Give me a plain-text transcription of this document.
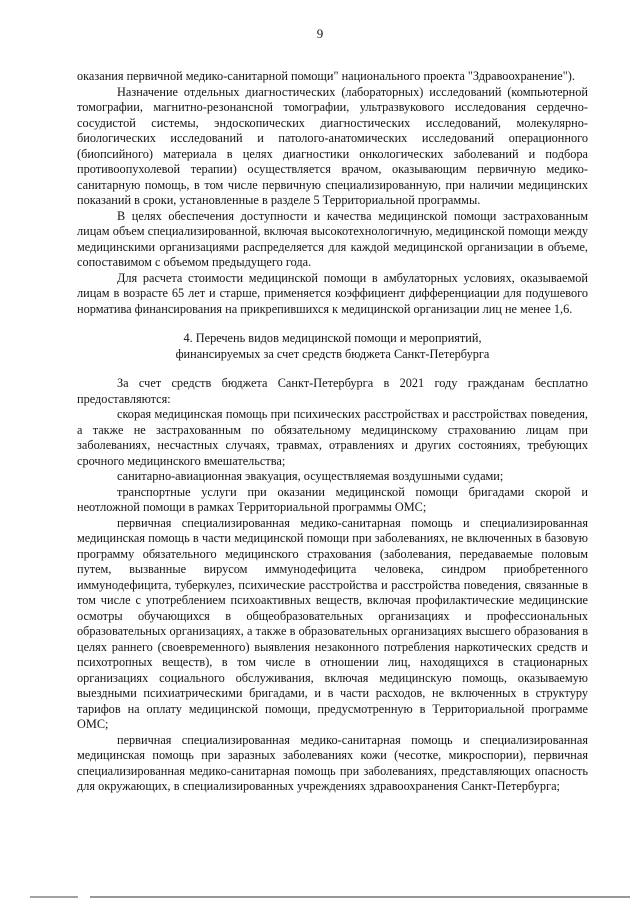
9

оказания первичной медико-санитарной помощи" национального проекта "Здравоохранение").

Назначение отдельных диагностических (лабораторных) исследований (компьютерной томографии, магнитно-резонансной томографии, ультразвукового исследования сердечно-сосудистой системы, эндоскопических диагностических исследований, молекулярно-биологических исследований и патолого-анатомических исследований операционного (биопсийного) материала в целях диагностики онкологических заболеваний и подбора противоопухолевой терапии) осуществляется врачом, оказывающим первичную медико-санитарную помощь, в том числе первичную специализированную, при наличии медицинских показаний в сроки, установленные в разделе 5 Территориальной программы.

В целях обеспечения доступности и качества медицинской помощи застрахованным лицам объем специализированной, включая высокотехнологичную, медицинской помощи между медицинскими организациями распределяется для каждой медицинской организации в объеме, сопоставимом с объемом предыдущего года.

Для расчета стоимости медицинской помощи в амбулаторных условиях, оказываемой лицам в возрасте 65 лет и старше, применяется коэффициент дифференциации для подушевого норматива финансирования на прикрепившихся к медицинской организации лиц не менее 1,6.

4. Перечень видов медицинской помощи и мероприятий,
финансируемых за счет средств бюджета Санкт-Петербурга

За счет средств бюджета Санкт-Петербурга в 2021 году гражданам бесплатно предоставляются:

скорая медицинская помощь при психических расстройствах и расстройствах поведения, а также не застрахованным по обязательному медицинскому страхованию лицам при заболеваниях, несчастных случаях, травмах, отравлениях и других состояниях, требующих срочного медицинского вмешательства;

санитарно-авиационная эвакуация, осуществляемая воздушными судами;

транспортные услуги при оказании медицинской помощи бригадами скорой и неотложной помощи в рамках Территориальной программы ОМС;

первичная специализированная медико-санитарная помощь и специализированная медицинская помощь в части медицинской помощи при заболеваниях, не включенных в базовую программу обязательного медицинского страхования (заболевания, передаваемые половым путем, вызванные вирусом иммунодефицита человека, синдром приобретенного иммунодефицита, туберкулез, психические расстройства и расстройства поведения, связанные в том числе с употреблением психоактивных веществ, включая профилактические медицинские осмотры обучающихся в общеобразовательных организациях и профессиональных образовательных организациях, а также в образовательных организациях высшего образования в целях раннего (своевременного) выявления незаконного потребления наркотических средств и психотропных веществ), в том числе в отношении лиц, находящихся в стационарных организациях социального обслуживания, включая медицинскую помощь, оказываемую выездными психиатрическими бригадами, и в части расходов, не включенных в структуру тарифов на оплату медицинской помощи, предусмотренную в Территориальной программе ОМС;

первичная специализированная медико-санитарная помощь и специализированная медицинская помощь при заразных заболеваниях кожи (чесотке, микроспории), первичная специализированная медико-санитарная помощь при заболеваниях, представляющих опасность для окружающих, в специализированных учреждениях здравоохранения Санкт-Петербурга;
